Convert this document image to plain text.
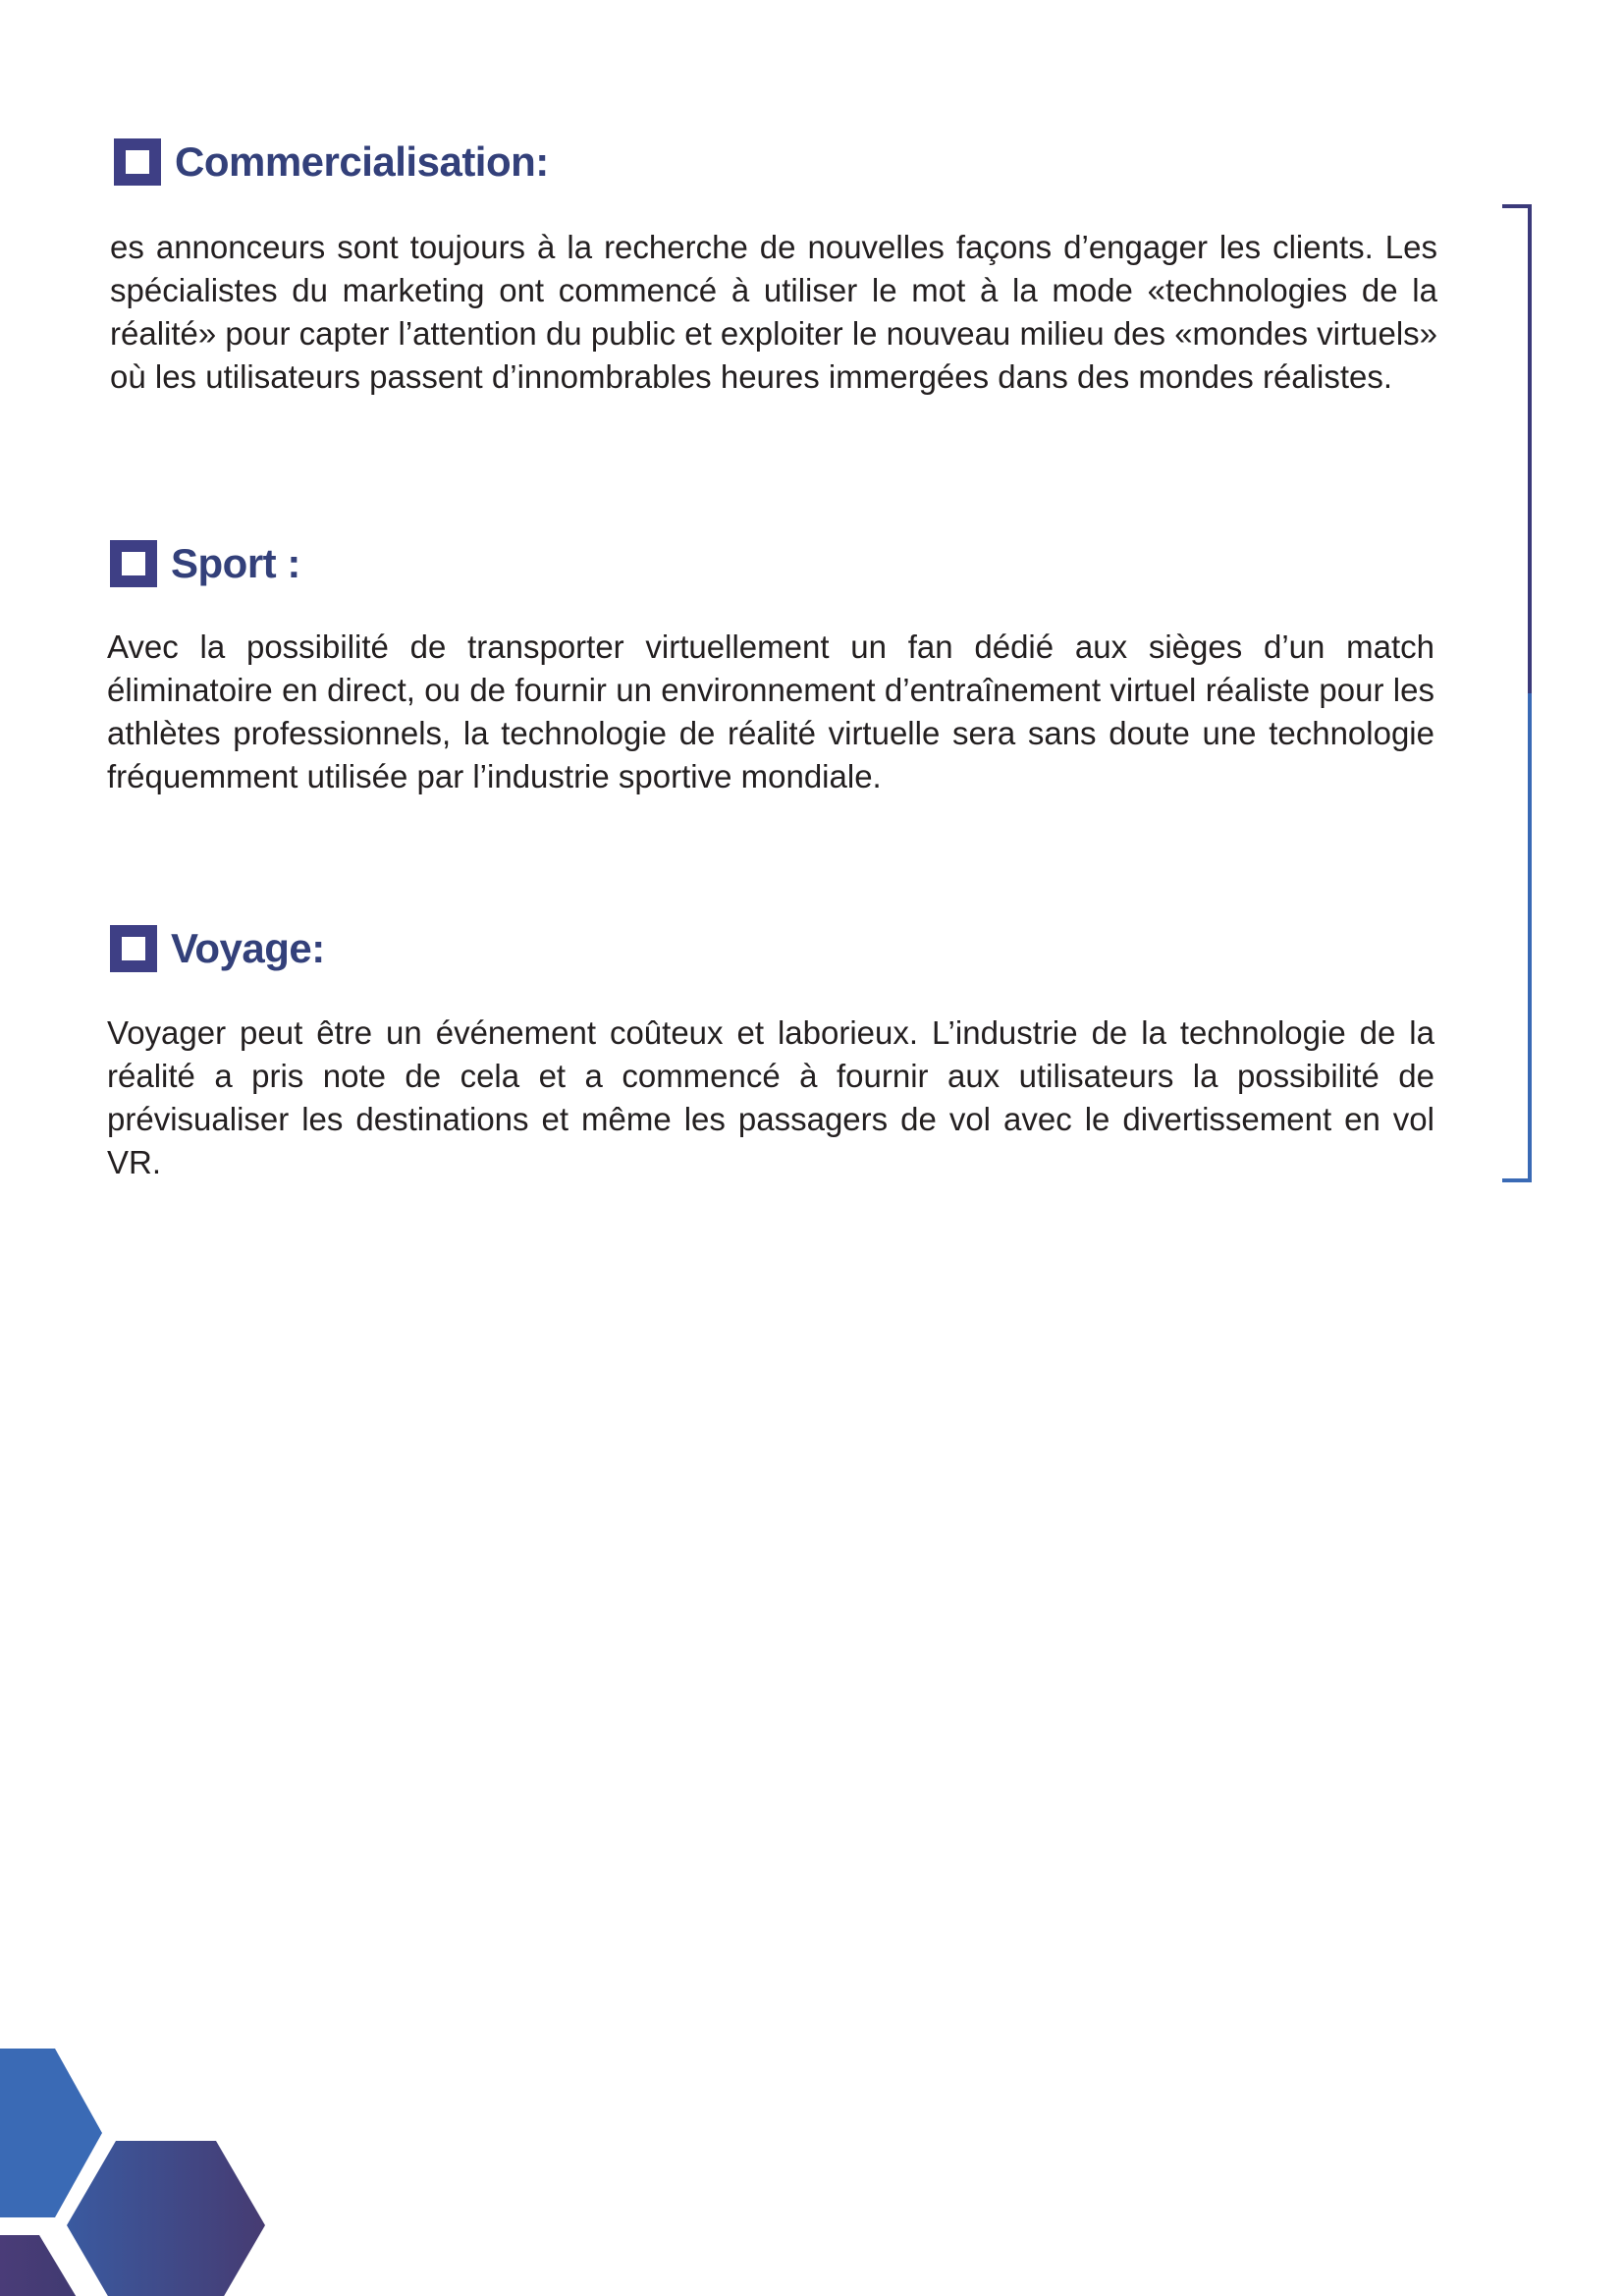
Commercialisation:

es annonceurs sont toujours à la recherche de nouvelles façons d’engager les clients. Les spécialistes du marketing ont commencé à utiliser le mot à la mode «technologies de la réalité» pour capter l’attention du public et exploiter le nouveau milieu des «mondes virtuels» où les utilisateurs passent d’innombrables heures immergées dans des mondes réalistes.

Sport :

Avec la possibilité de transporter virtuellement un fan dédié aux sièges d’un match éliminatoire en direct, ou de fournir un environnement d’entraînement virtuel réaliste pour les athlètes professionnels, la technologie de réalité virtuelle sera sans doute une technologie fréquemment utilisée par l’industrie sportive mondiale.

Voyage:

Voyager peut être un événement coûteux et laborieux. L’industrie de la technologie de la réalité a pris note de cela et a commencé à fournir aux utilisateurs la possibilité de prévisualiser les destinations et même les passagers de vol avec le divertissement en vol VR.
